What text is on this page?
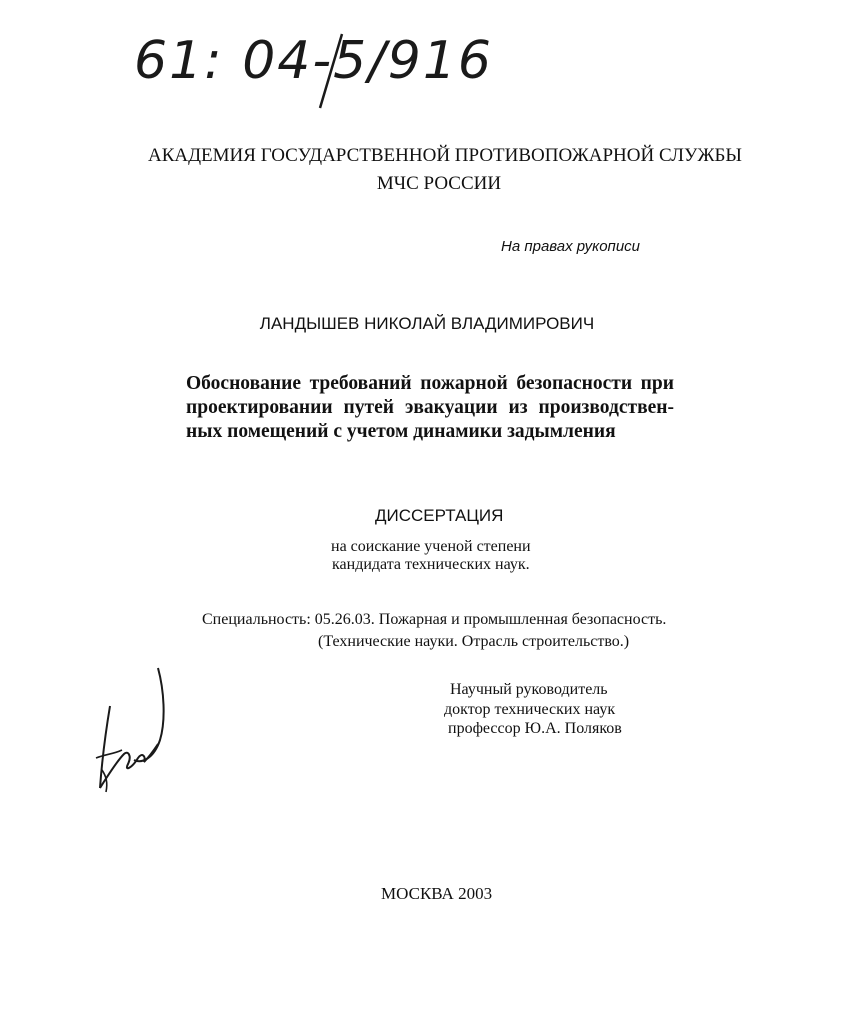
61: 04-5/916
АКАДЕМИЯ ГОСУДАРСТВЕННОЙ ПРОТИВОПОЖАРНОЙ СЛУЖБЫ
МЧС РОССИИ
На правах рукописи
ЛАНДЫШЕВ НИКОЛАЙ ВЛАДИМИРОВИЧ
Обоснование требований пожарной безопасности при
проектировании путей эвакуации из производствен-
ных помещений с учетом динамики задымления
ДИССЕРТАЦИЯ
на соискание ученой степени
кандидата технических наук.
Специальность: 05.26.03. Пожарная и промышленная безопасность.
(Технические науки. Отрасль строительство.)
Научный руководитель
доктор технических наук
профессор Ю.А. Поляков
МОСКВА 2003
